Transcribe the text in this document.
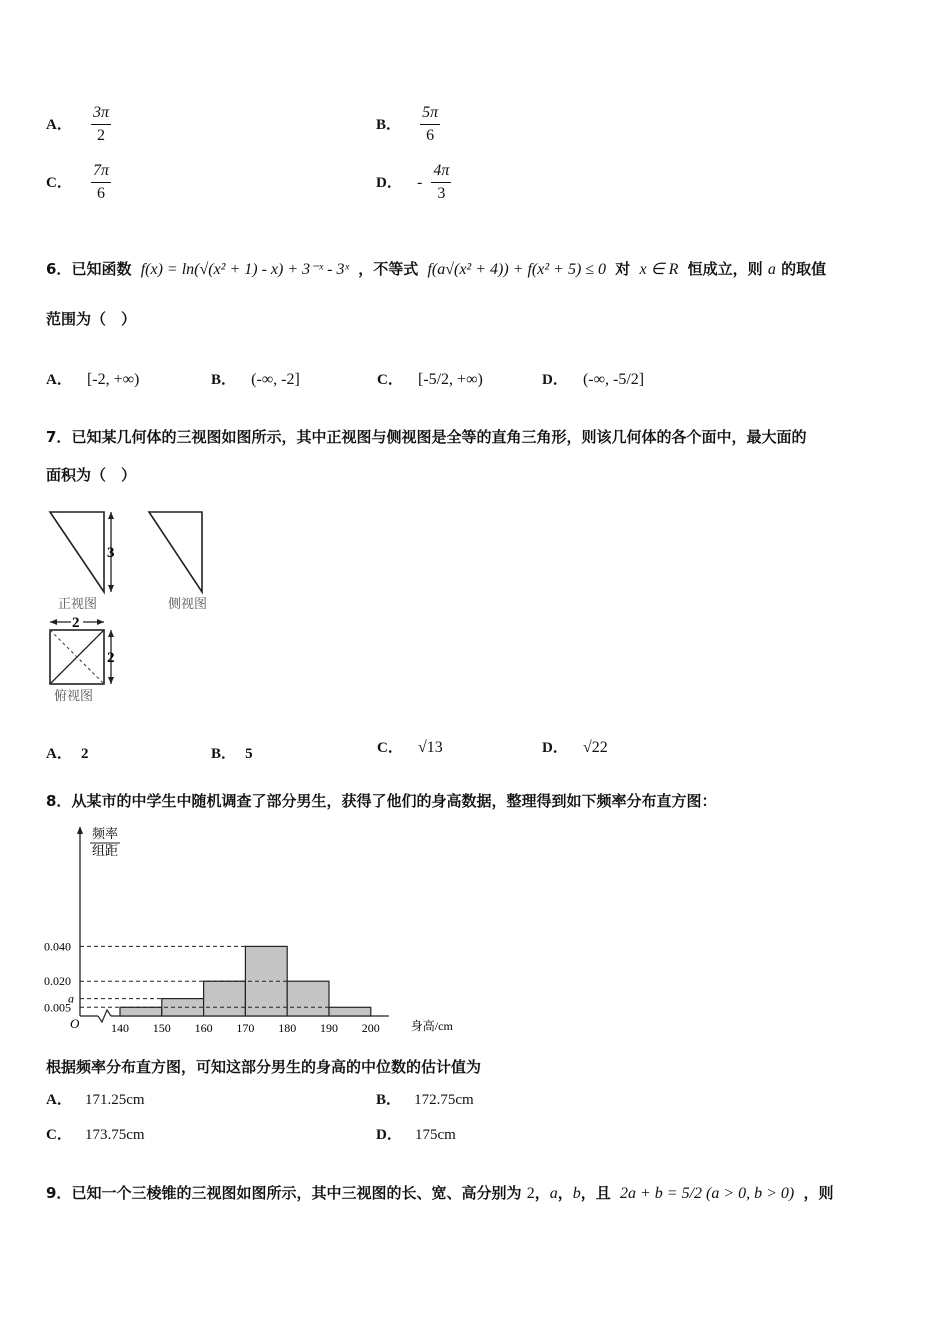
A． $\frac{3\pi}{2}$	B． $\frac{5\pi}{6}$
C． $\frac{7\pi}{6}$	D． - $\frac{4\pi}{3}$
6．已知函数 f(x) = ln(√(x² + 1) - x) + 3⁻ˣ - 3ˣ ，不等式 f(a√(x² + 4)) + f(x² + 5) ≤ 0 对 x ∈ R 恒成立，则 a 的取值
范围为（　）
A． [-2, +∞)	B． (-∞, -2]	C． [-5/2, +∞)	D． (-∞, -5/2]
7．已知某几何体的三视图如图所示，其中正视图与侧视图是全等的直角三角形，则该几何体的各个面中，最大面的
面积为（　）
3
正视图	侧视图
2
2
俯视图
A． 2	B． 5	C． √13	D． √22
8．从某市的中学生中随机调查了部分男生，获得了他们的身高数据，整理得到如下频率分布直方图：
频率
组距
O	身高/cm
0.040
0.020
a
0.005
140 150 160 170 180 190 200
根据频率分布直方图，可知这部分男生的身高的中位数的估计值为
A． 171.25cm	B． 172.75cm
C． 173.75cm	D． 175cm
9．已知一个三棱锥的三视图如图所示，其中三视图的长、宽、高分别为 2，a，b，且 2a + b = 5/2 (a > 0, b > 0) ，则
